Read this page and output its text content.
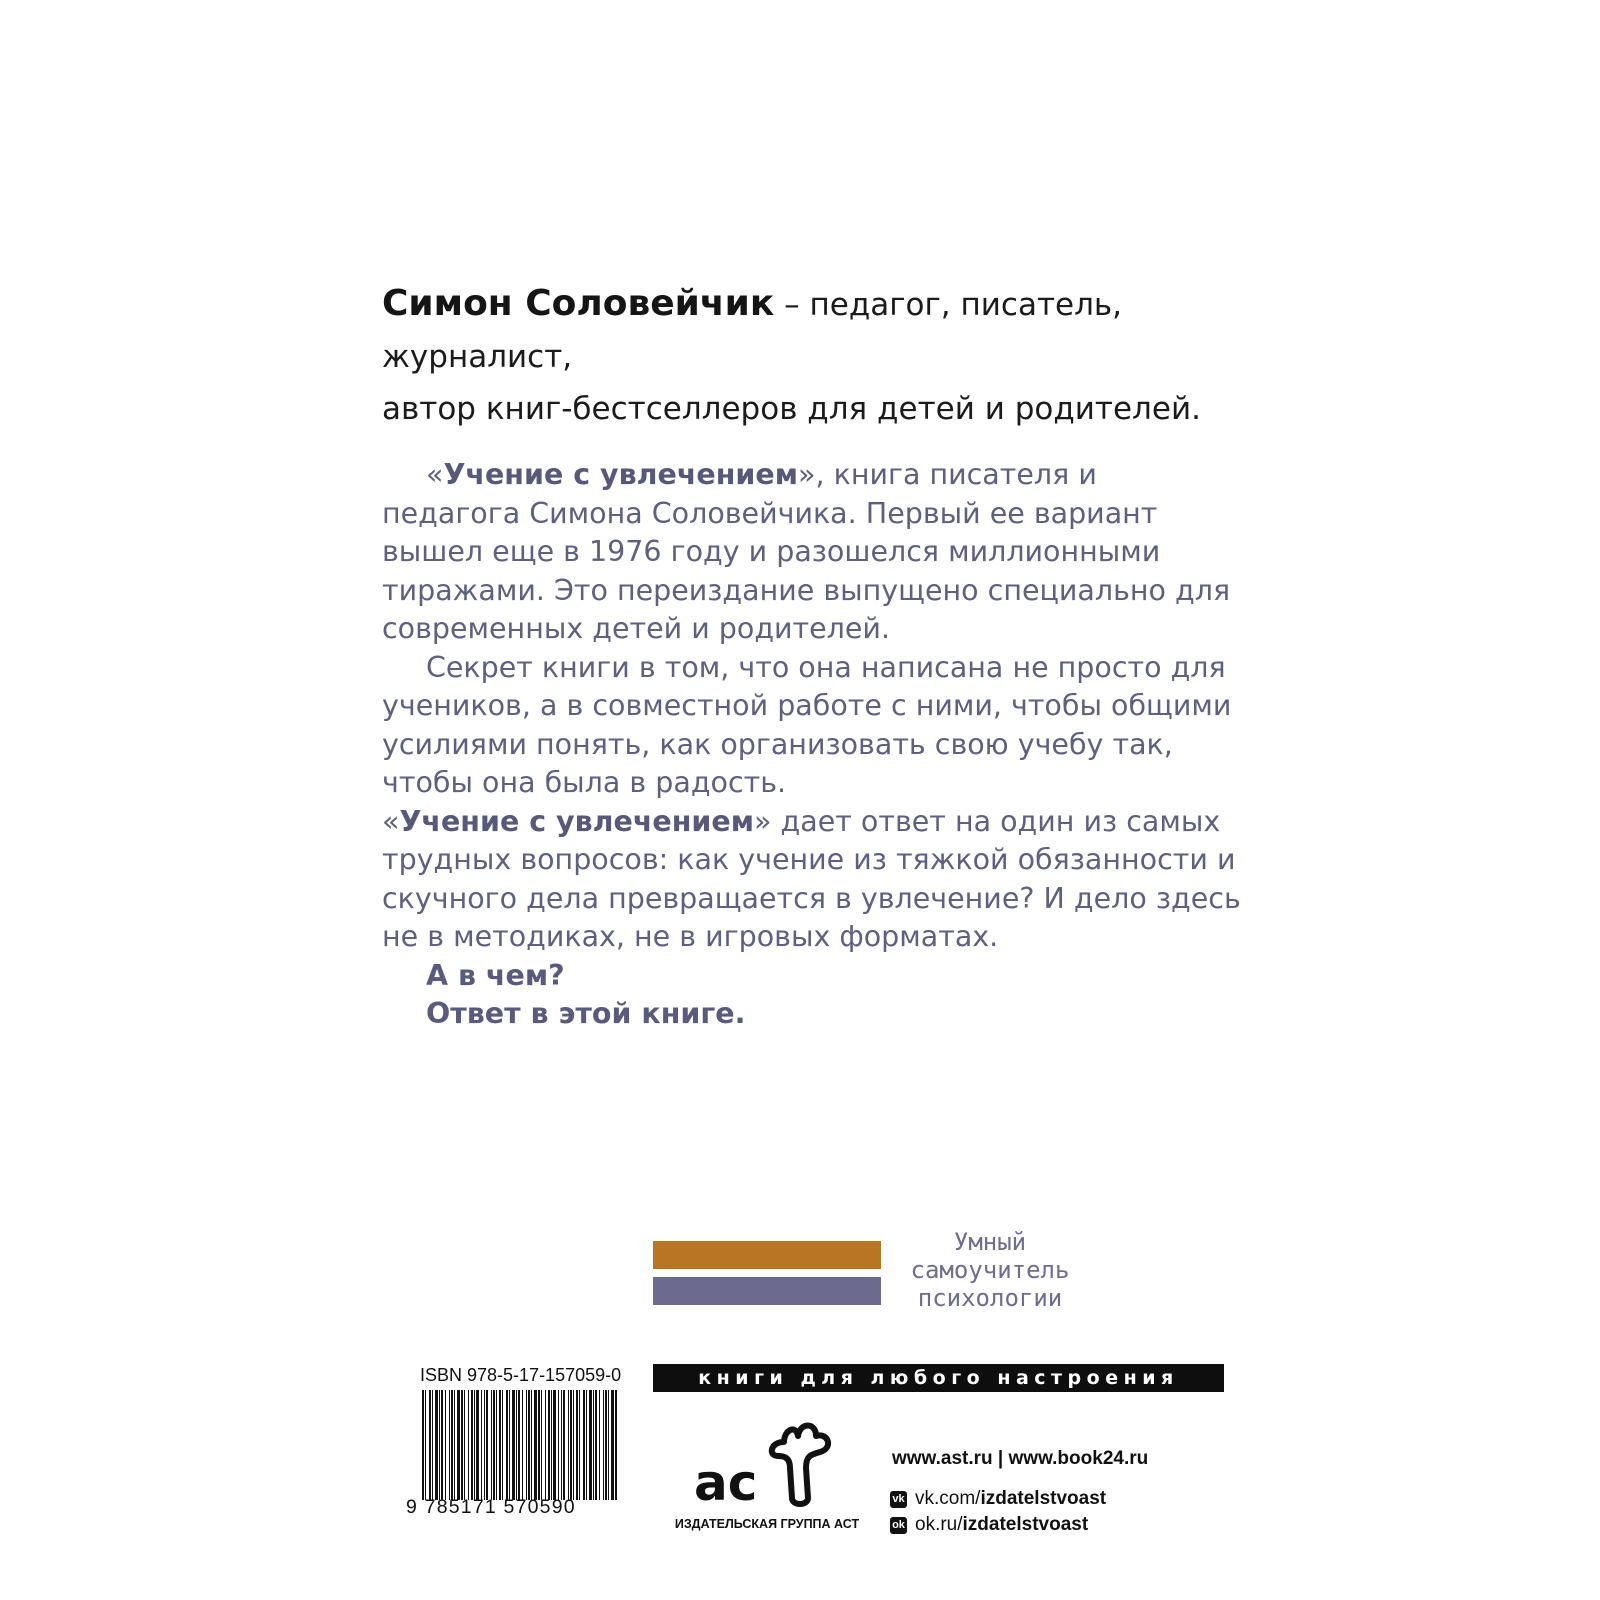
Симон Соловейчик – педагог, писатель, журналист,
автор книг-бестселлеров для детей и родителей.

«Учение с увлечением», книга писателя и педагога Симона Соловейчика. Первый ее вариант вышел еще в 1976 году и разошелся миллионными тиражами. Это переиздание выпущено специально для современных детей и родителей.

Секрет книги в том, что она написана не просто для учеников, а в совместной работе с ними, чтобы общими усилиями понять, как организовать свою учебу так, чтобы она была в радость.

«Учение с увлечением» дает ответ на один из самых трудных вопросов: как учение из тяжкой обязанности и скучного дела превращается в увлечение? И дело здесь не в методиках, не в игровых форматах.

А в чем?

Ответ в этой книге.

Умный
самоучитель
психологии
книги для любого настроения здесь
ISBN 978-5-17-157059-0
9 785171 570590	ас
ИЗДАТЕЛЬСКАЯ ГРУППА АСТ
www.ast.ru | www.book24.ru
vk vk.com/ izdatelstvoast
ok ok.ru/ izdatelstvoast
